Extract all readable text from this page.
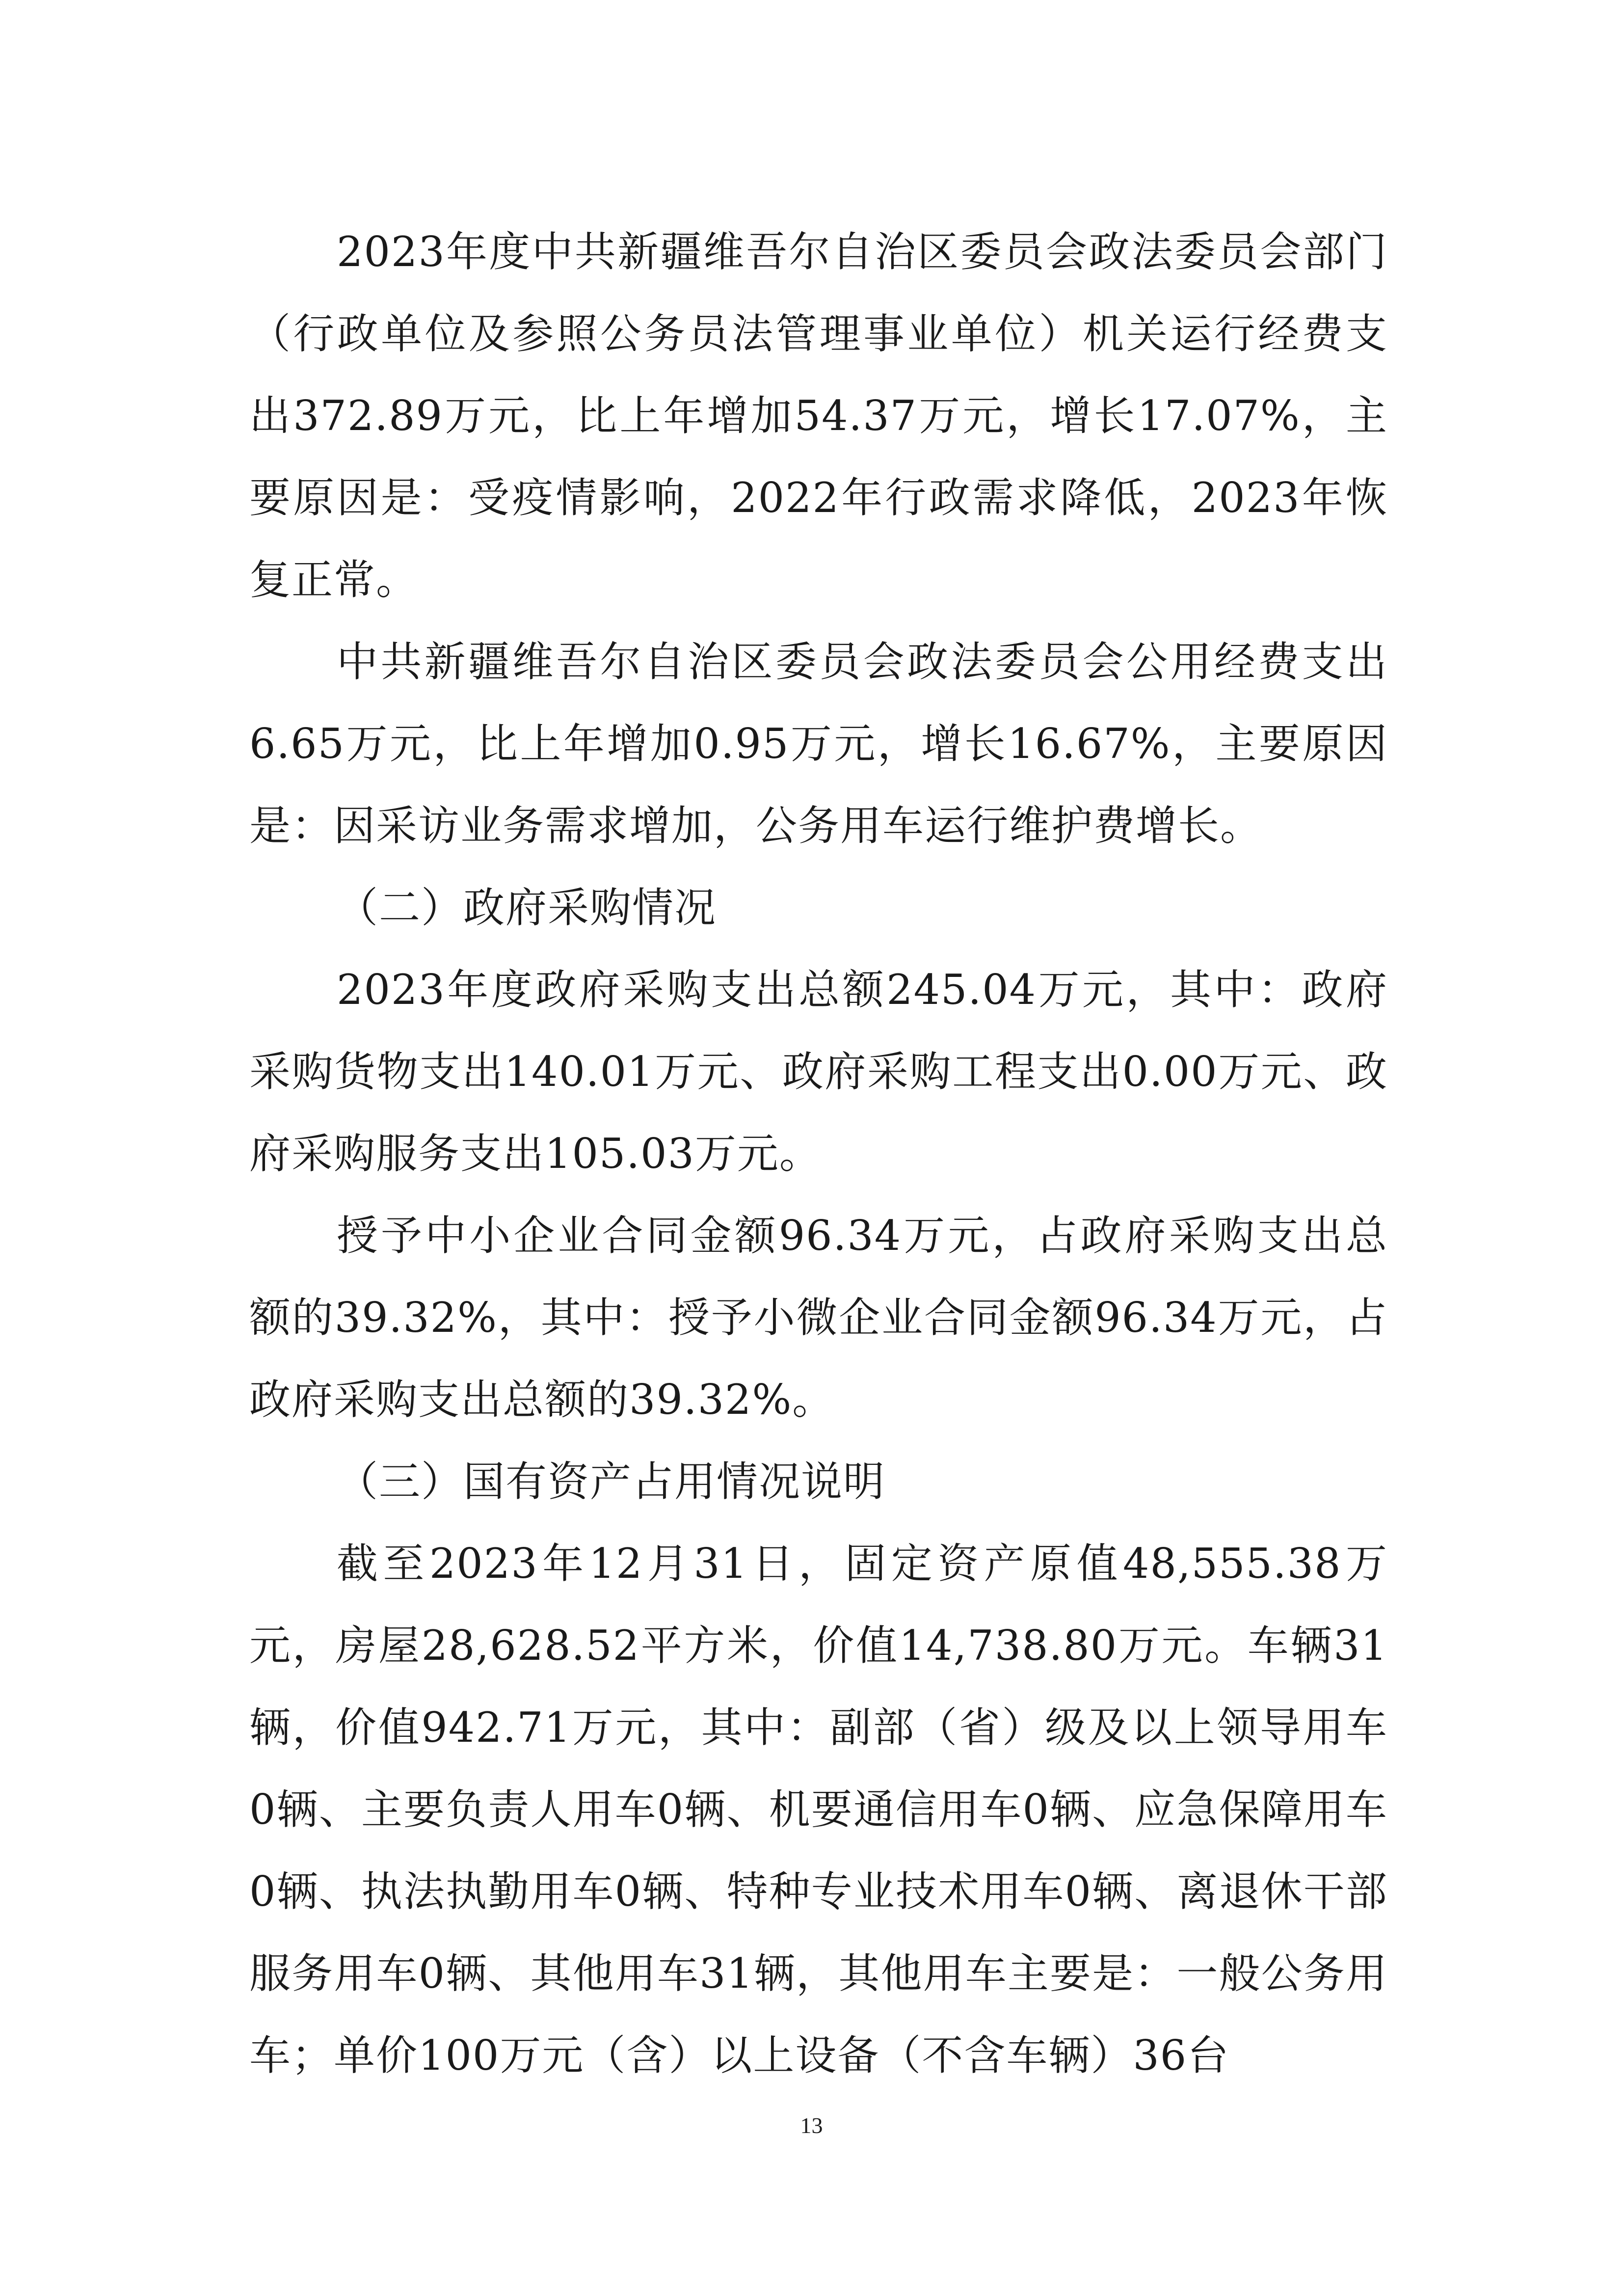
2023年度中共新疆维吾尔自治区委员会政法委员会部门（行政单位及参照公务员法管理事业单位）机关运行经费支出372.89万元，比上年增加54.37万元，增长17.07%，主要原因是：受疫情影响，2022年行政需求降低，2023年恢复正常。

中共新疆维吾尔自治区委员会政法委员会公用经费支出6.65万元，比上年增加0.95万元，增长16.67%，主要原因是：因采访业务需求增加，公务用车运行维护费增长。

（二）政府采购情况

2023年度政府采购支出总额245.04万元，其中：政府采购货物支出140.01万元、政府采购工程支出0.00万元、政府采购服务支出105.03万元。

授予中小企业合同金额96.34万元，占政府采购支出总额的39.32%，其中：授予小微企业合同金额96.34万元，占政府采购支出总额的39.32%。

（三）国有资产占用情况说明

截至2023年12月31日，固定资产原值48,555.38万元，房屋28,628.52平方米，价值14,738.80万元。车辆31辆，价值942.71万元，其中：副部（省）级及以上领导用车0辆、主要负责人用车0辆、机要通信用车0辆、应急保障用车0辆、执法执勤用车0辆、特种专业技术用车0辆、离退休干部服务用车0辆、其他用车31辆，其他用车主要是：一般公务用车；单价100万元（含）以上设备（不含车辆）36台

13
